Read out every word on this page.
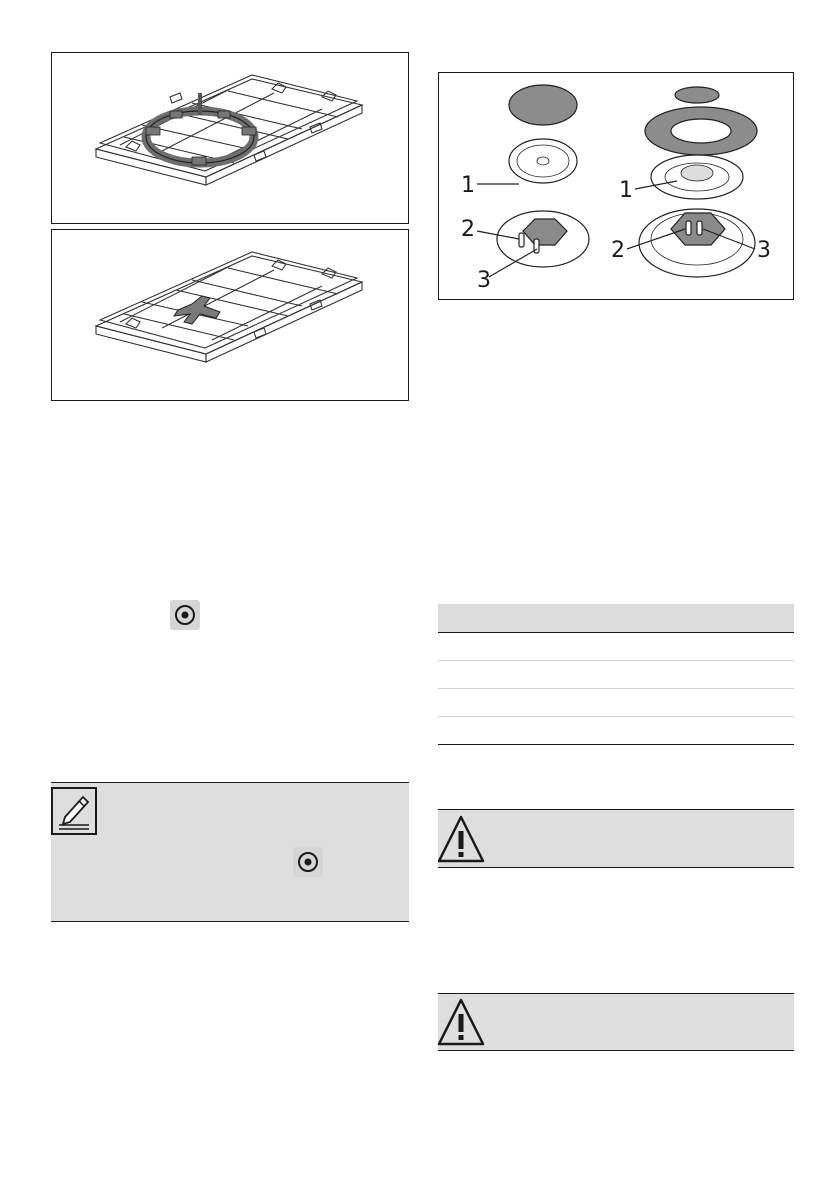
1
2
3
1
2	3
